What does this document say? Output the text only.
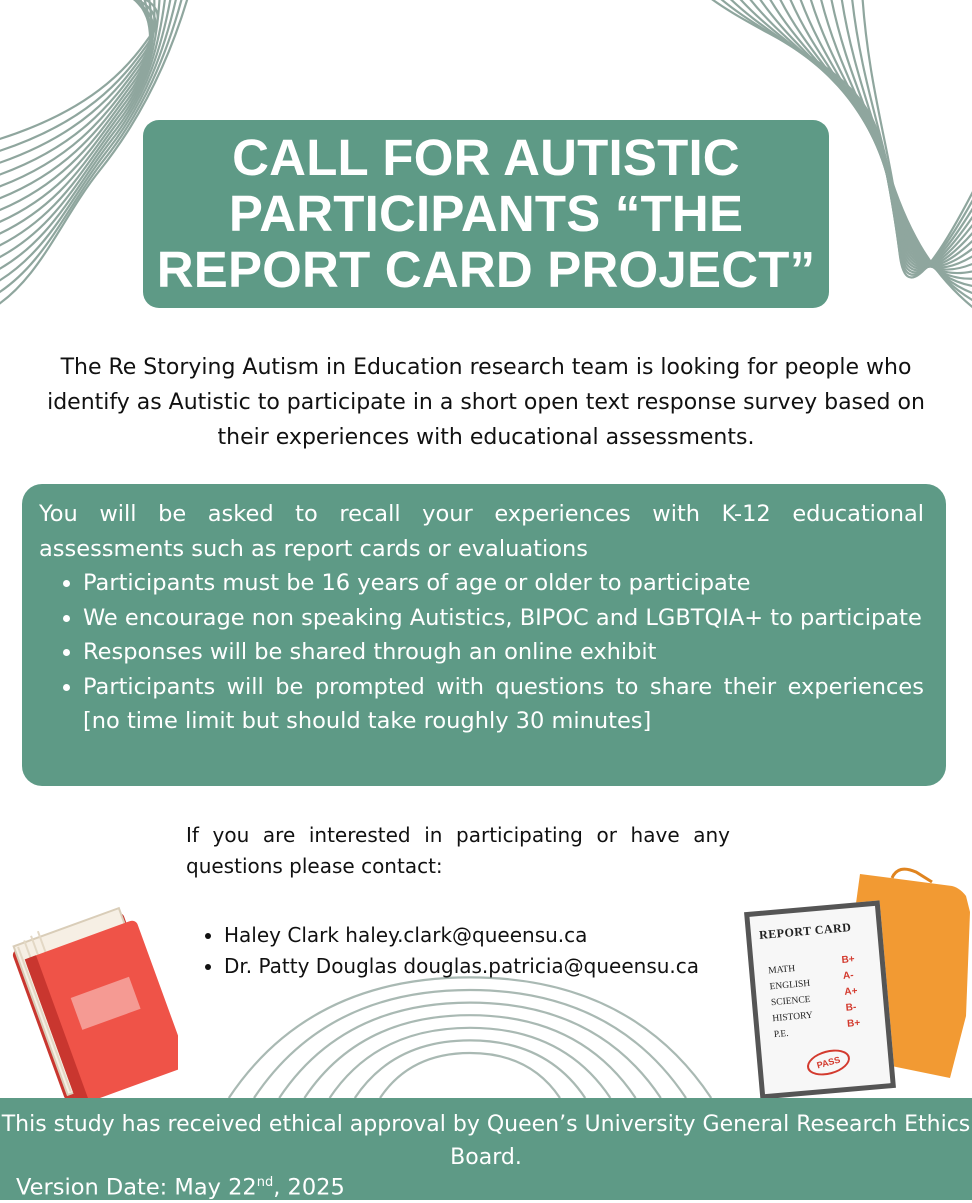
CALL FOR AUTISTIC
PARTICIPANTS “THE
REPORT CARD PROJECT”
The Re Storying Autism in Education research team is looking for people who identify as Autistic to participate in a short open text response survey based on their experiences with educational assessments.

You will be asked to recall your experiences with K-12 educational assessments such as report cards or evaluations

• Participants must be 16 years of age or older to participate
• We encourage non speaking Autistics, BIPOC and LGBTQIA+ to participate
• Responses will be shared through an online exhibit
• Participants will be prompted with questions to share their experiences [no time limit but should take roughly 30 minutes]

If you are interested in participating or have any questions please contact:

• Haley Clark haley.clark@queensu.ca
• Dr. Patty Douglas douglas.patricia@queensu.ca
REPORT CARD
MATH
ENGLISH
SCIENCE
HISTORY
P.E.
B+
A-
A+
B-
B+
PASS
This study has received ethical approval by Queen’s University General Research Ethics Board.
Version Date: May 22nd, 2025
